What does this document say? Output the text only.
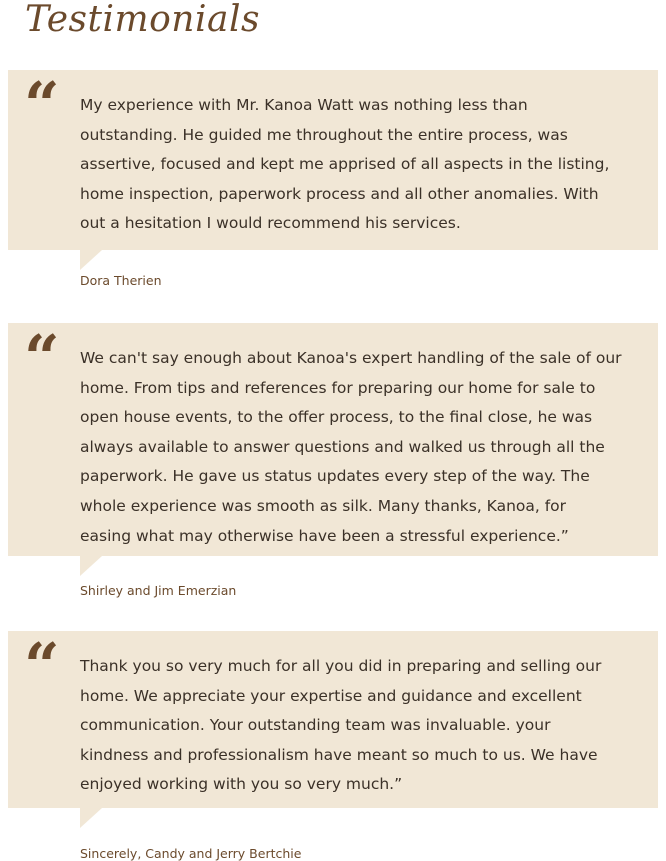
Testimonials
“ My experience with Mr. Kanoa Watt was nothing less than outstanding. He guided me throughout the entire process, was assertive, focused and kept me apprised of all aspects in the listing, home inspection, paperwork process and all other anomalies. With out a hesitation I would recommend his services.

Dora Therien

“ We can't say enough about Kanoa's expert handling of the sale of our home. From tips and references for preparing our home for sale to open house events, to the offer process, to the final close, he was always available to answer questions and walked us through all the paperwork. He gave us status updates every step of the way. The whole experience was smooth as silk. Many thanks, Kanoa, for easing what may otherwise have been a stressful experience.”

Shirley and Jim Emerzian

“ Thank you so very much for all you did in preparing and selling our home. We appreciate your expertise and guidance and excellent communication. Your outstanding team was invaluable. your kindness and professionalism have meant so much to us. We have enjoyed working with you so very much.”

Sincerely, Candy and Jerry Bertchie
